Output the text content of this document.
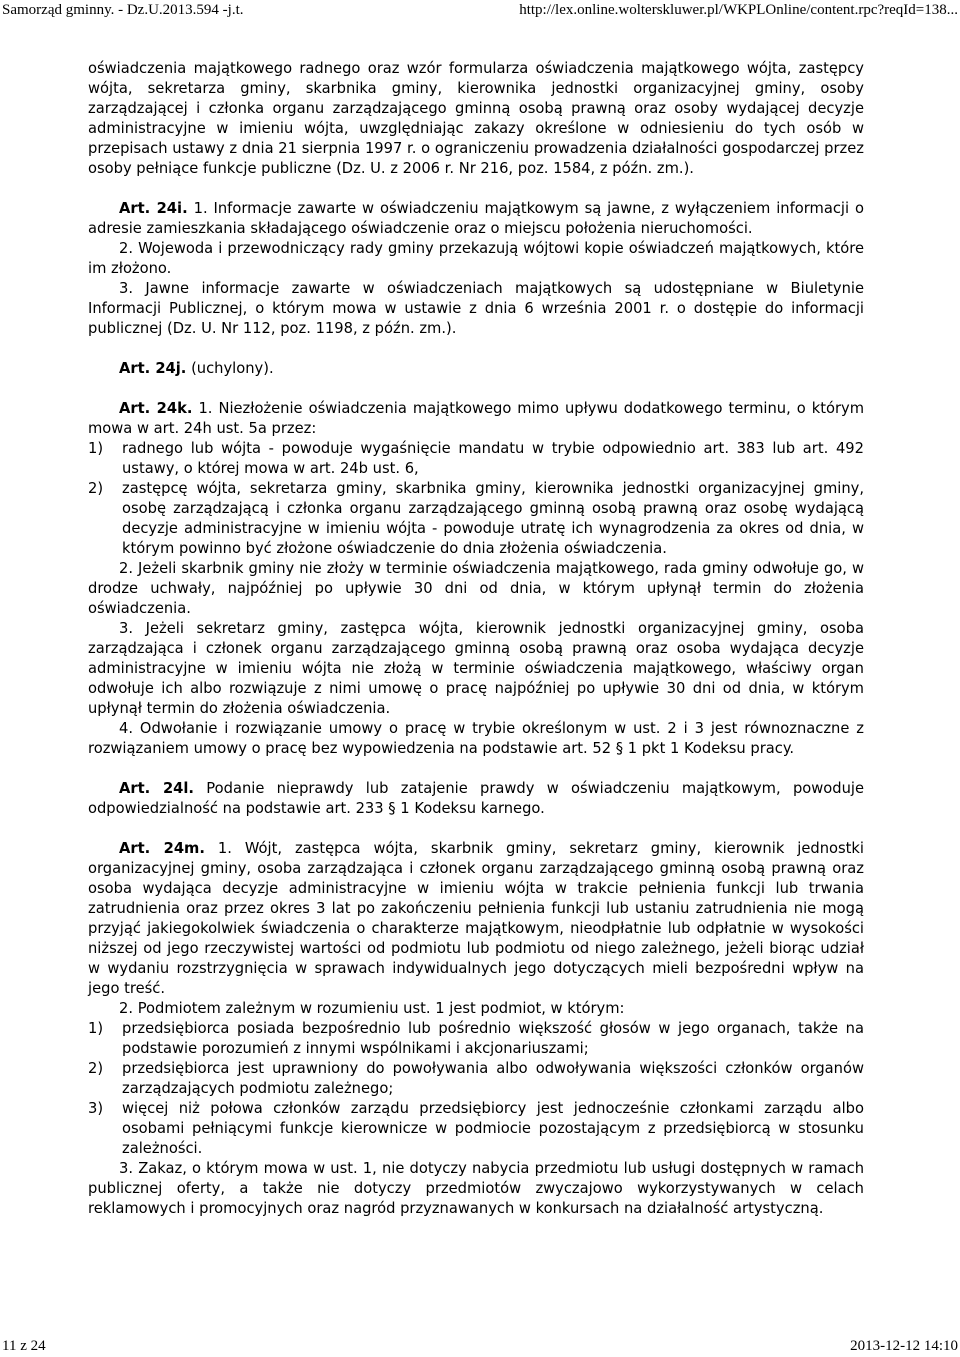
Samorząd gminny. - Dz.U.2013.594 -j.t.	http://lex.online.wolterskluwer.pl/WKPLOnline/content.rpc?reqId=138...

oświadczenia majątkowego radnego oraz wzór formularza oświadczenia majątkowego wójta, zastępcy wójta, sekretarza gminy, skarbnika gminy, kierownika jednostki organizacyjnej gminy, osoby zarządzającej i członka organu zarządzającego gminną osobą prawną oraz osoby wydającej decyzje administracyjne w imieniu wójta, uwzględniając zakazy określone w odniesieniu do tych osób w przepisach ustawy z dnia 21 sierpnia 1997 r. o ograniczeniu prowadzenia działalności gospodarczej przez osoby pełniące funkcje publiczne (Dz. U. z 2006 r. Nr 216, poz. 1584, z późn. zm.).

Art. 24i. 1. Informacje zawarte w oświadczeniu majątkowym są jawne, z wyłączeniem informacji o adresie zamieszkania składającego oświadczenie oraz o miejscu położenia nieruchomości.

2. Wojewoda i przewodniczący rady gminy przekazują wójtowi kopie oświadczeń majątkowych, które im złożono.

3. Jawne informacje zawarte w oświadczeniach majątkowych są udostępniane w Biuletynie Informacji Publicznej, o którym mowa w ustawie z dnia 6 września 2001 r. o dostępie do informacji publicznej (Dz. U. Nr 112, poz. 1198, z późn. zm.).

Art. 24j. (uchylony).

Art. 24k. 1. Niezłożenie oświadczenia majątkowego mimo upływu dodatkowego terminu, o którym mowa w art. 24h ust. 5a przez:

1)	radnego lub wójta - powoduje wygaśnięcie mandatu w trybie odpowiednio art. 383 lub art. 492 ustawy, o której mowa w art. 24b ust. 6,
2)	zastępcę wójta, sekretarza gminy, skarbnika gminy, kierownika jednostki organizacyjnej gminy, osobę zarządzającą i członka organu zarządzającego gminną osobą prawną oraz osobę wydającą decyzje administracyjne w imieniu wójta - powoduje utratę ich wynagrodzenia za okres od dnia, w którym powinno być złożone oświadczenie do dnia złożenia oświadczenia.

2. Jeżeli skarbnik gminy nie złoży w terminie oświadczenia majątkowego, rada gminy odwołuje go, w drodze uchwały, najpóźniej po upływie 30 dni od dnia, w którym upłynął termin do złożenia oświadczenia.

3. Jeżeli sekretarz gminy, zastępca wójta, kierownik jednostki organizacyjnej gminy, osoba zarządzająca i członek organu zarządzającego gminną osobą prawną oraz osoba wydająca decyzje administracyjne w imieniu wójta nie złożą w terminie oświadczenia majątkowego, właściwy organ odwołuje ich albo rozwiązuje z nimi umowę o pracę najpóźniej po upływie 30 dni od dnia, w którym upłynął termin do złożenia oświadczenia.

4. Odwołanie i rozwiązanie umowy o pracę w trybie określonym w ust. 2 i 3 jest równoznaczne z rozwiązaniem umowy o pracę bez wypowiedzenia na podstawie art. 52 § 1 pkt 1 Kodeksu pracy.

Art. 24l. Podanie nieprawdy lub zatajenie prawdy w oświadczeniu majątkowym, powoduje odpowiedzialność na podstawie art. 233 § 1 Kodeksu karnego.

Art. 24m. 1. Wójt, zastępca wójta, skarbnik gminy, sekretarz gminy, kierownik jednostki organizacyjnej gminy, osoba zarządzająca i członek organu zarządzającego gminną osobą prawną oraz osoba wydająca decyzje administracyjne w imieniu wójta w trakcie pełnienia funkcji lub trwania zatrudnienia oraz przez okres 3 lat po zakończeniu pełnienia funkcji lub ustaniu zatrudnienia nie mogą przyjąć jakiegokolwiek świadczenia o charakterze majątkowym, nieodpłatnie lub odpłatnie w wysokości niższej od jego rzeczywistej wartości od podmiotu lub podmiotu od niego zależnego, jeżeli biorąc udział w wydaniu rozstrzygnięcia w sprawach indywidualnych jego dotyczących mieli bezpośredni wpływ na jego treść.

2. Podmiotem zależnym w rozumieniu ust. 1 jest podmiot, w którym:

1)	przedsiębiorca posiada bezpośrednio lub pośrednio większość głosów w jego organach, także na podstawie porozumień z innymi wspólnikami i akcjonariuszami;
2)	przedsiębiorca jest uprawniony do powoływania albo odwoływania większości członków organów zarządzających podmiotu zależnego;
3)	więcej niż połowa członków zarządu przedsiębiorcy jest jednocześnie członkami zarządu albo osobami pełniącymi funkcje kierownicze w podmiocie pozostającym z przedsiębiorcą w stosunku zależności.

3. Zakaz, o którym mowa w ust. 1, nie dotyczy nabycia przedmiotu lub usługi dostępnych w ramach publicznej oferty, a także nie dotyczy przedmiotów zwyczajowo wykorzystywanych w celach reklamowych i promocyjnych oraz nagród przyznawanych w konkursach na działalność artystyczną.

11 z 24	2013-12-12 14:10
